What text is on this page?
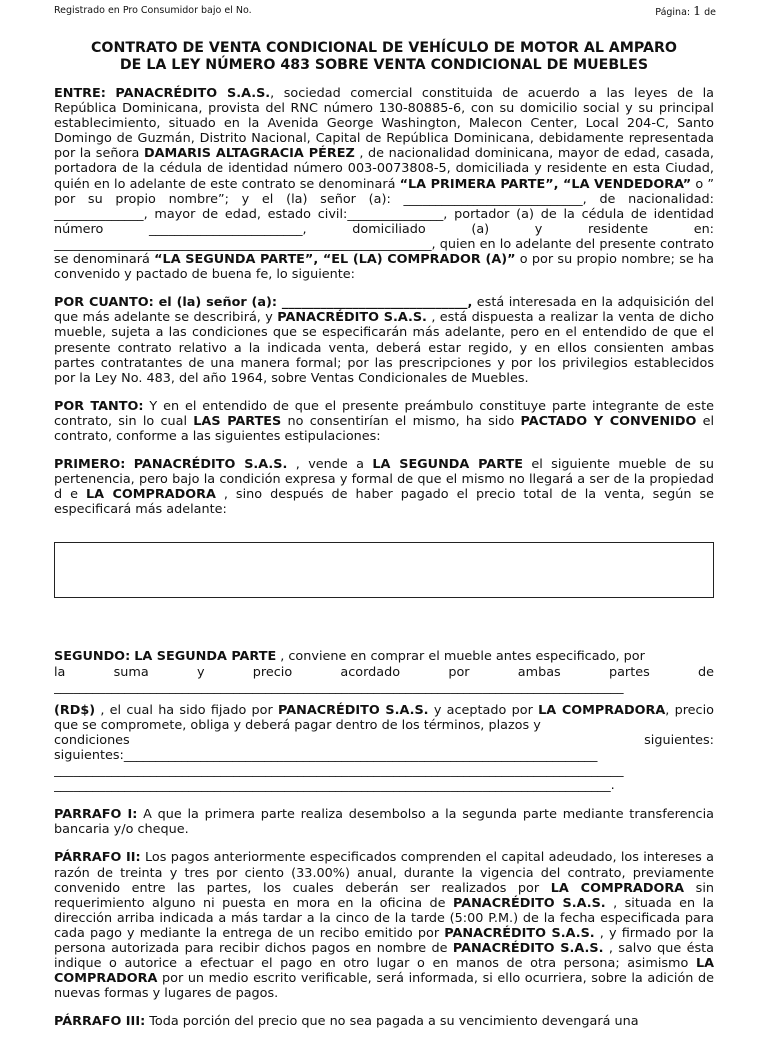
Registrado en Pro Consumidor bajo el No.	Página: 1 de
CONTRATO DE VENTA CONDICIONAL DE VEHÍCULO DE MOTOR AL AMPARO
DE LA LEY NÚMERO 483 SOBRE VENTA CONDICIONAL DE MUEBLES

ENTRE: PANACRÉDITO S.A.S., sociedad comercial constituida de acuerdo a las leyes de la República Dominicana, provista del RNC número 130-80885-6, con su domicilio social y su principal establecimiento, situado en la Avenida George Washington, Malecon Center, Local 204-C, Santo Domingo de Guzmán, Distrito Nacional, Capital de República Dominicana, debidamente representada por la señora DAMARIS ALTAGRACIA PÉREZ , de nacionalidad dominicana, mayor de edad, casada, portadora de la cédula de identidad número 003-0073808-5, domiciliada y residente en esta Ciudad, quién en lo adelante de este contrato se denominará “LA PRIMERA PARTE”, “LA VENDEDORA” o ” por su propio nombre”; y el (la) señor (a): ____________________________, de nacionalidad: ______________, mayor de edad, estado civil:_______________, portador (a) de la cédula de identidad número ________________________, domiciliado (a) y residente en: ___________________________________________________________, quien en lo adelante del presente contrato se denominará “LA SEGUNDA PARTE”, “EL (LA) COMPRADOR (A)” o por su propio nombre; se ha convenido y pactado de buena fe, lo siguiente:

POR CUANTO: el (la) señor (a): _____________________________, está interesada en la adquisición del que más adelante se describirá, y PANACRÉDITO S.A.S. , está dispuesta a realizar la venta de dicho mueble, sujeta a las condiciones que se especificarán más adelante, pero en el entendido de que el presente contrato relativo a la indicada venta, deberá estar regido, y en ellos consienten ambas partes contratantes de una manera formal; por las prescripciones y por los privilegios establecidos por la Ley No. 483, del año 1964, sobre Ventas Condicionales de Muebles.

POR TANTO: Y en el entendido de que el presente preámbulo constituye parte integrante de este contrato, sin lo cual LAS PARTES no consentirían el mismo, ha sido PACTADO Y CONVENIDO el contrato, conforme a las siguientes estipulaciones:

PRIMERO: PANACRÉDITO S.A.S. , vende a LA SEGUNDA PARTE el siguiente mueble de su pertenencia, pero bajo la condición expresa y formal de que el mismo no llegará a ser de la propiedad d e LA COMPRADORA , sino después de haber pagado el precio total de la venta, según se especificará más adelante:

SEGUNDO: LA SEGUNDA PARTE , conviene en comprar el mueble antes especificado, por
la suma y precio acordado por ambas partes de
_________________________________________________________________________________________

(RD$) , el cual ha sido fijado por PANACRÉDITO S.A.S. y aceptado por LA COMPRADORA, precio que se compromete, obliga y deberá pagar dentro de los términos, plazos y

condiciones siguientes:
siguientes:__________________________________________________________________________
_________________________________________________________________________________________
_______________________________________________________________________________________.

PARRAFO I: A que la primera parte realiza desembolso a la segunda parte mediante transferencia bancaria y/o cheque.

PÁRRAFO II: Los pagos anteriormente especificados comprenden el capital adeudado, los intereses a razón de treinta y tres por ciento (33.00%) anual, durante la vigencia del contrato, previamente convenido entre las partes, los cuales deberán ser realizados por LA COMPRADORA sin requerimiento alguno ni puesta en mora en la oficina de PANACRÉDITO S.A.S. , situada en la dirección arriba indicada a más tardar a la cinco de la tarde (5:00 P.M.) de la fecha especificada para cada pago y mediante la entrega de un recibo emitido por PANACRÉDITO S.A.S. , y firmado por la persona autorizada para recibir dichos pagos en nombre de PANACRÉDITO S.A.S. , salvo que ésta indique o autorice a efectuar el pago en otro lugar o en manos de otra persona; asimismo LA COMPRADORA por un medio escrito verificable, será informada, si ello ocurriera, sobre la adición de nuevas formas y lugares de pagos.

PÁRRAFO III: Toda porción del precio que no sea pagada a su vencimiento devengará una
